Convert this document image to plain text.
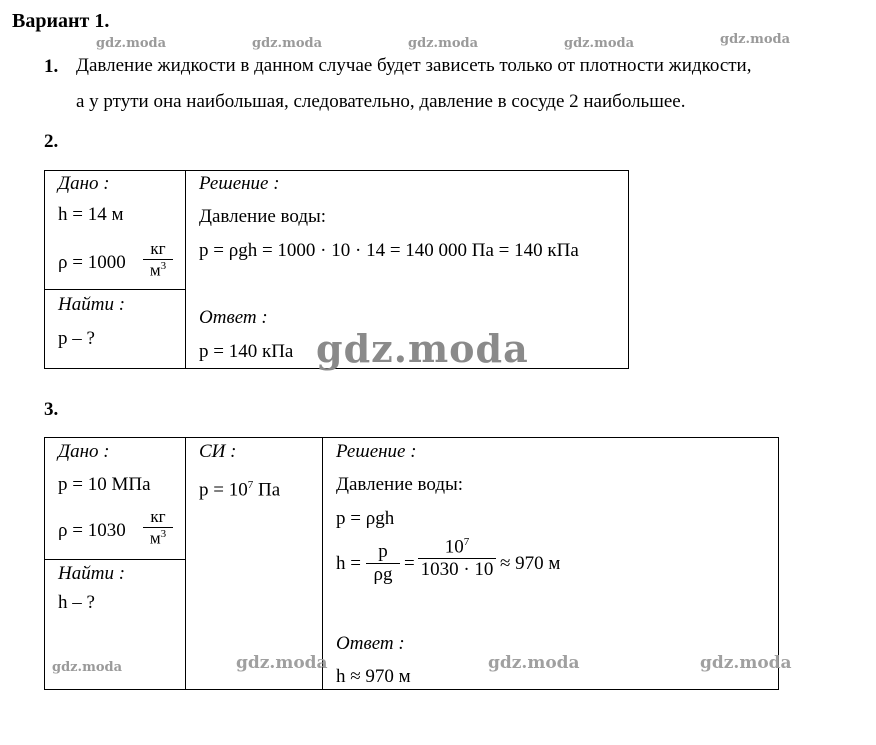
Вариант 1.
gdz.moda	gdz.moda	gdz.moda	gdz.moda	gdz.moda
1. Давление жидкости в данном случае будет зависеть только от плотности жидкости,
а у ртути она наибольшая, следовательно, давление в сосуде 2 наибольшее.
2.
Дано :
h = 14 м
ρ = 1000
кг
$м^3$
Найти :
p – ?
Решение :
Давление воды:
p = ρgh = 1000 · 10 · 14 = 140 000 Па = 140 кПа
Ответ :
p = 140 кПа gdz.moda
3.
Дано :
p = 10 МПа
ρ = 1030
кг
$м^3$
Найти :
h – ?
СИ :
$p = 10^7$ Па
Решение :
Давление воды:
p = ρgh
h =
p
ρg
=
$10^7$
1030 · 10 ≈ 970 м
Ответ :
h ≈ 970 м
gdz.moda	gdz.moda	gdz.moda	gdz.moda
